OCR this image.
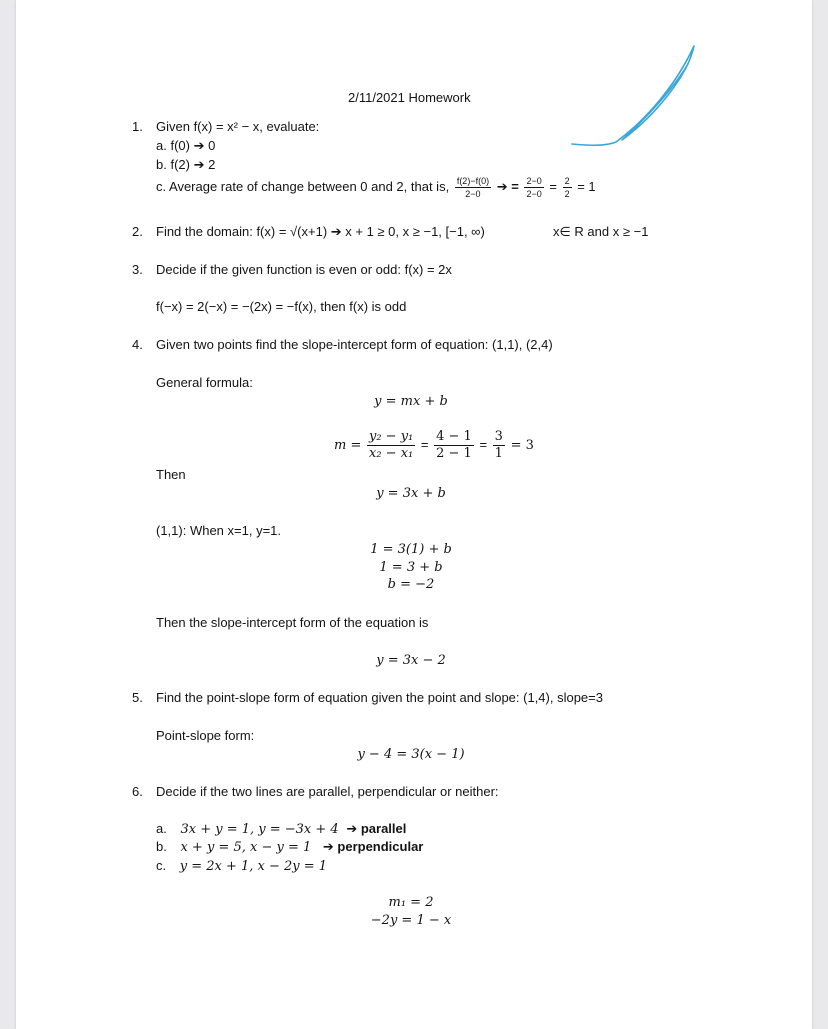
2/11/2021 Homework
1. Given f(x) = x² − x, evaluate:
a. f(0) ➔ 0
b. f(2) ➔ 2
c. Average rate of change between 0 and 2, that is, $\frac{f(2)-f(0)}{2-0}$ ➔ = $\frac{2-0}{2-0} = \frac{2}{2} = 1$
2. Find the domain: f(x) = √(x+1) ➔ x + 1 ≥ 0, x ≥ −1, [−1, ∞)	x∈ R and x ≥ −1
3. Decide if the given function is even or odd: f(x) = 2x
f(−x) = 2(−x) = −(2x) = −f(x), then f(x) is odd
4. Given two points find the slope-intercept form of equation: (1,1), (2,4)
General formula:
y = mx + b
$m = \frac{\text{y₂ − y₁}}{\text{x₂ − x₁}} = \frac{4 - 1}{2 - 1} = \frac{3}{1} = 3$
Then
y = 3x + b
(1,1): When x=1, y=1.
1 = 3(1) + b
1 = 3 + b
b = −2
Then the slope-intercept form of the equation is
y = 3x − 2
5. Find the point-slope form of equation given the point and slope: (1,4), slope=3
Point-slope form:
y − 4 = 3(x − 1)
6. Decide if the two lines are parallel, perpendicular or neither:
a. 3x + y = 1, y = −3x + 4 ➔ parallel
b. x + y = 5, x − y = 1 ➔ perpendicular
c. y = 2x + 1, x − 2y = 1
m₁ = 2
−2y = 1 − x
